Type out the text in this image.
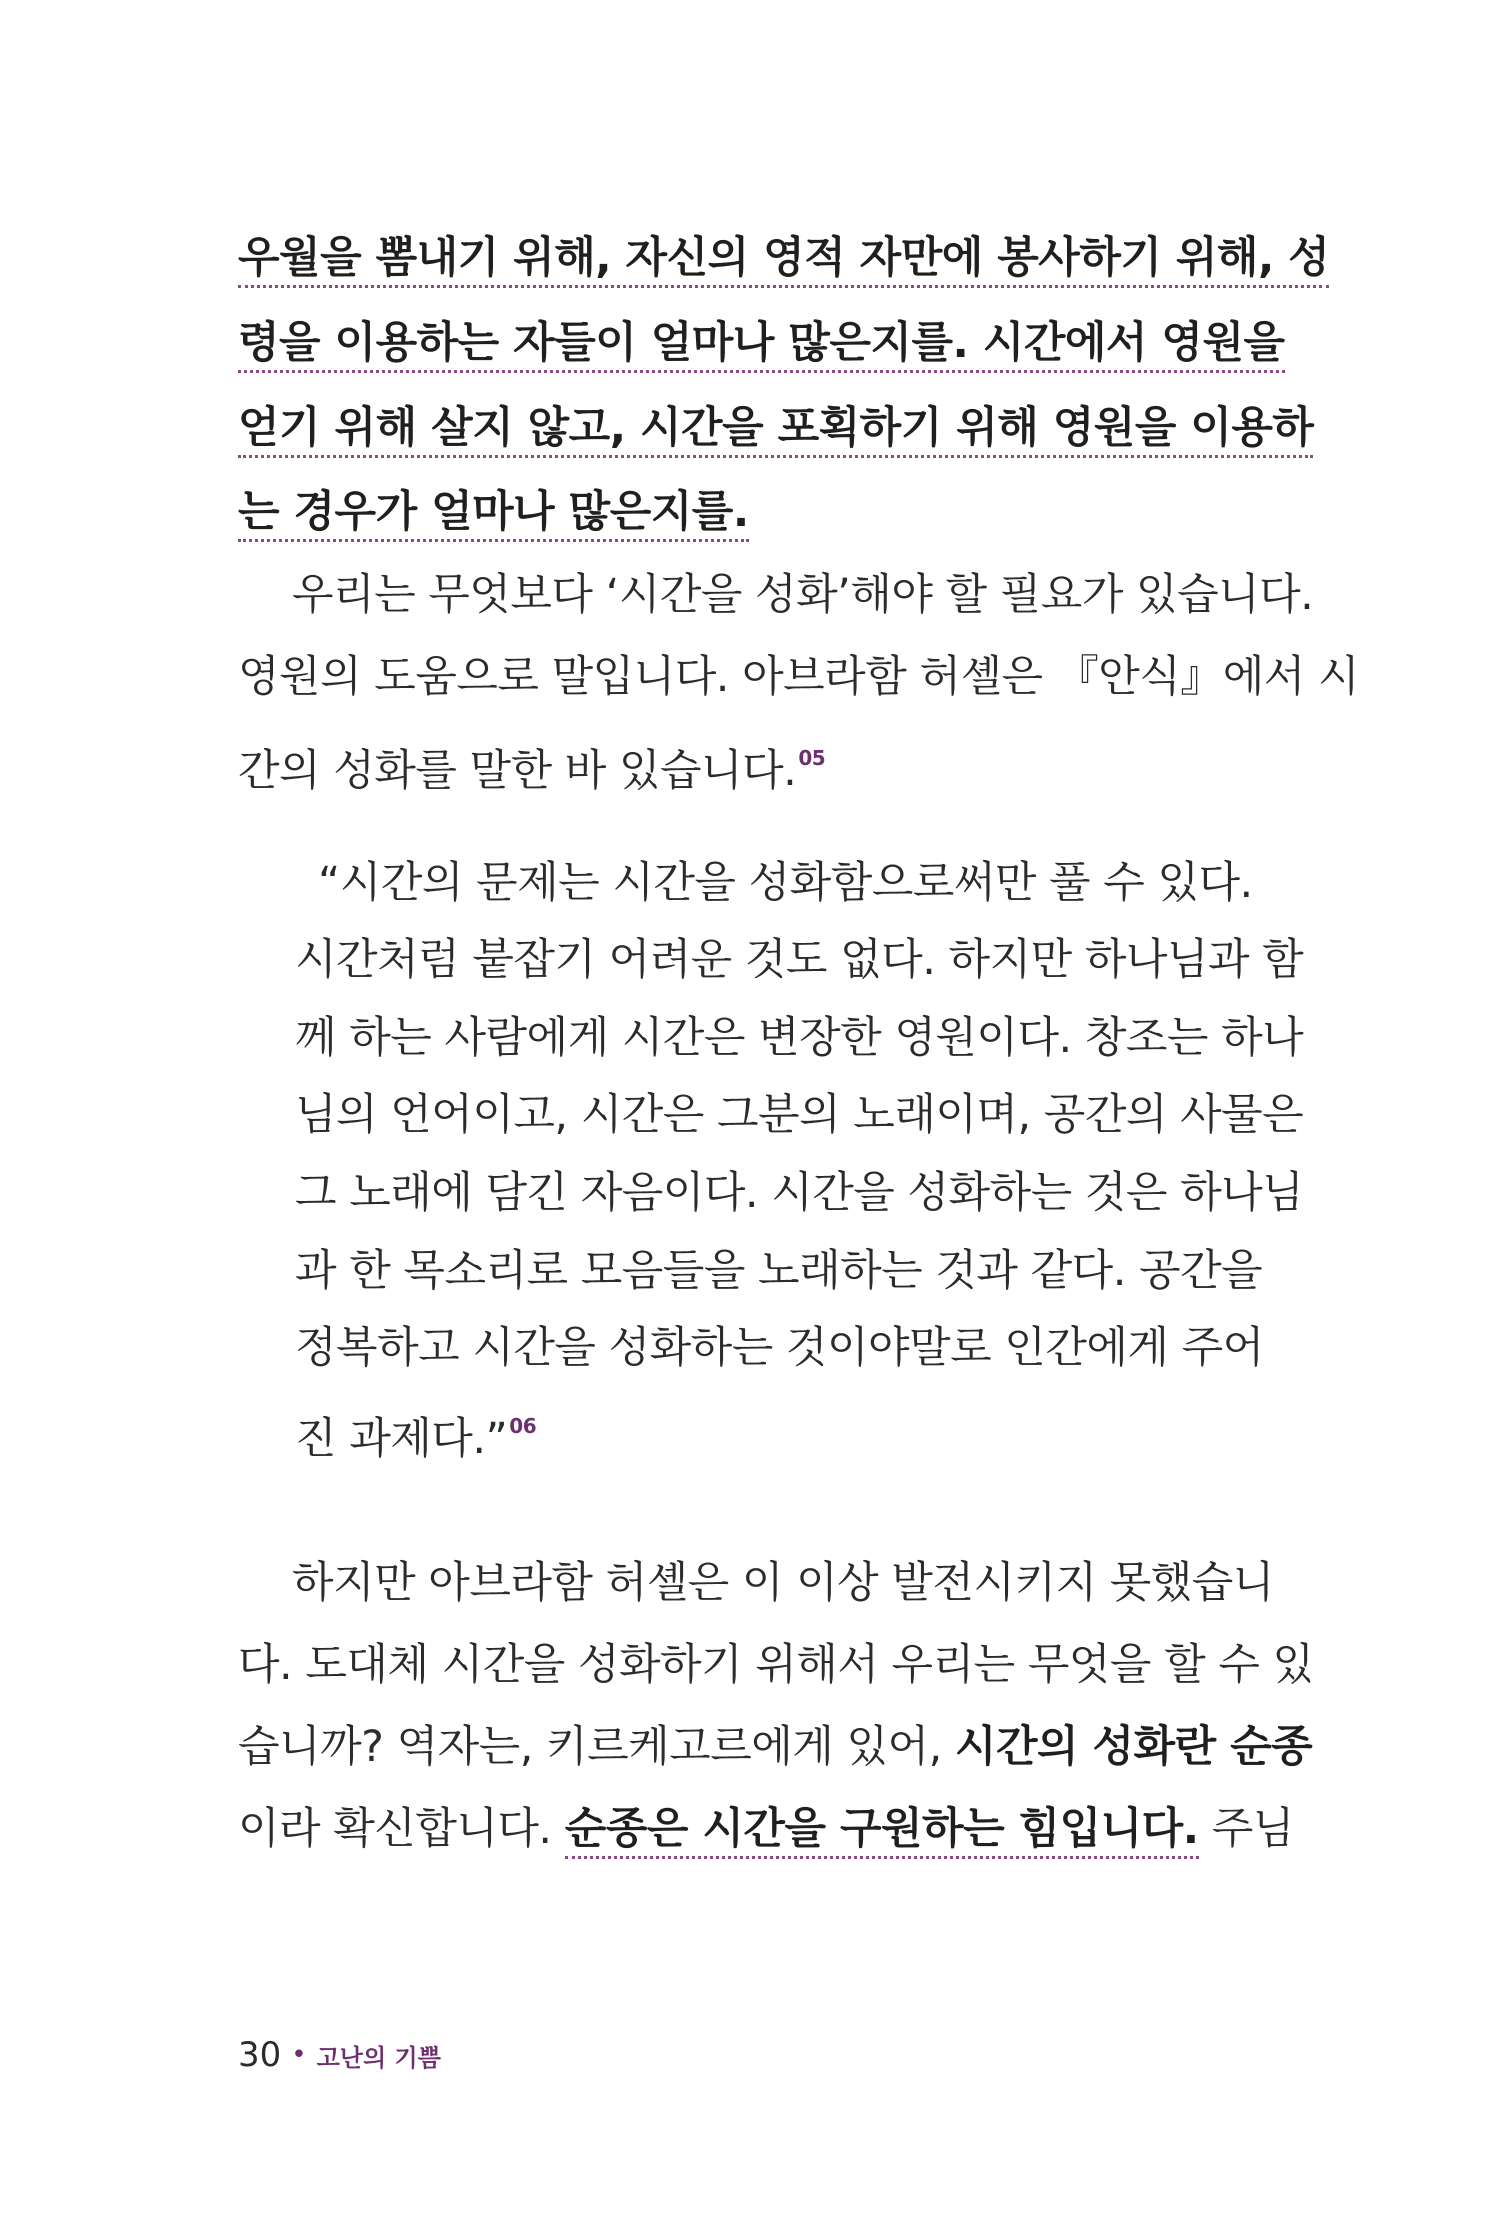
우월을 뽐내기 위해, 자신의 영적 자만에 봉사하기 위해, 성
령을 이용하는 자들이 얼마나 많은지를. 시간에서 영원을
얻기 위해 살지 않고, 시간을 포획하기 위해 영원을 이용하
는 경우가 얼마나 많은지를.
우리는 무엇보다 ‘시간을 성화’해야 할 필요가 있습니다.
영원의 도움으로 말입니다. 아브라함 허셸은 『안식』에서 시
간의 성화를 말한 바 있습니다. $^{05}$
“시간의 문제는 시간을 성화함으로써만 풀 수 있다.
시간처럼 붙잡기 어려운 것도 없다. 하지만 하나님과 함
께 하는 사람에게 시간은 변장한 영원이다. 창조는 하나
님의 언어이고, 시간은 그분의 노래이며, 공간의 사물은
그 노래에 담긴 자음이다. 시간을 성화하는 것은 하나님
과 한 목소리로 모음들을 노래하는 것과 같다. 공간을
정복하고 시간을 성화하는 것이야말로 인간에게 주어
진 과제다.” $^{06}$
하지만 아브라함 허셸은 이 이상 발전시키지 못했습니
다. 도대체 시간을 성화하기 위해서 우리는 무엇을 할 수 있
습니까? 역자는, 키르케고르에게 있어, 시간의 성화란 순종
이라 확신합니다. 순종은 시간을 구원하는 힘입니다. 주님
30 • 고난의 기쁨
